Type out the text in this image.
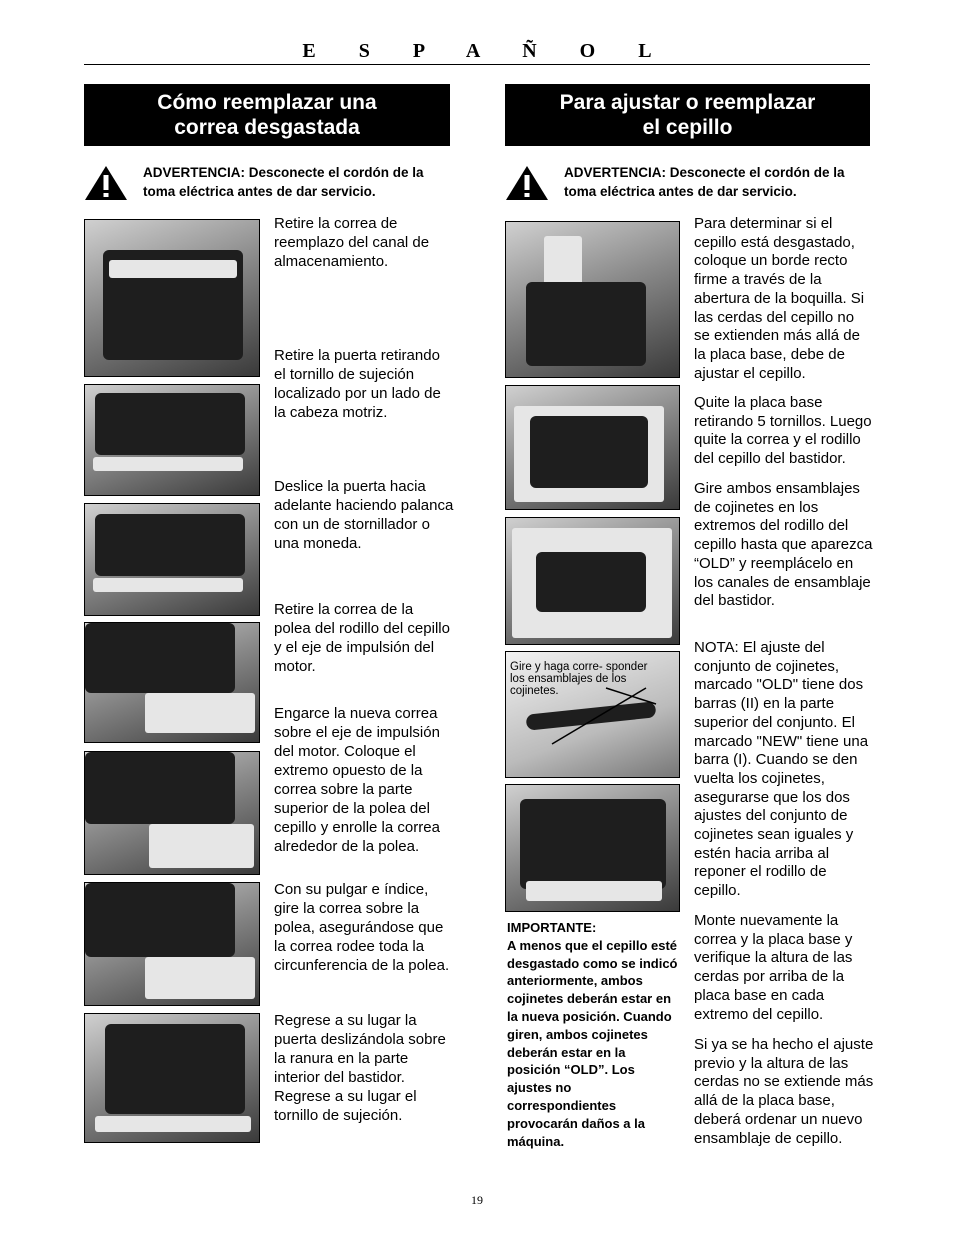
E S P A Ñ O L
Cómo reemplazar una
correa desgastada
Para ajustar o reemplazar
el cepillo
ADVERTENCIA: Desconecte el cordón de la toma eléctrica antes de dar servicio.
ADVERTENCIA: Desconecte el cordón de la toma eléctrica antes de dar servicio.
Retire la correa de reemplazo del canal de almacenamiento.
Retire la puerta retirando el tornillo de sujeción localizado por un lado de la cabeza motriz.
Deslice la puerta hacia adelante haciendo palanca con un de stornillador o una moneda.
Retire la correa de la polea del rodillo del cepillo y el eje de impulsión del motor.
Engarce la nueva correa sobre el eje de impulsión del motor. Coloque el extremo opuesto de la correa sobre la parte superior de la polea del cepillo y enrolle la correa alrededor de la polea.
Con su pulgar e índice, gire la correa sobre la polea, asegurándose que la correa rodee toda la circunferencia de la polea.
Regrese a su lugar la puerta deslizándola sobre la ranura en la parte interior del bastidor. Regrese a su lugar el tornillo de sujeción.
Gire y haga corre- sponder los ensamblajes de los cojinetes.
IMPORTANTE:
A menos que el cepillo esté desgastado como se indicó anteriormente, ambos cojinetes deberán estar en la nueva posición. Cuando giren, ambos cojinetes deberán estar en la posición “OLD”. Los ajustes no correspondientes provocarán daños a la máquina.
Para determinar si el cepillo está desgastado, coloque un borde recto firme a través de la abertura de la boquilla. Si las cerdas del cepillo no se extienden más allá de la placa base, debe de ajustar el cepillo.
Quite la placa base retirando 5 tornillos. Luego quite la correa y el rodillo del cepillo del bastidor.
Gire ambos ensamblajes de cojinetes en los extremos del rodillo del cepillo hasta que aparezca “OLD” y reemplácelo en los canales de ensamblaje del bastidor.
NOTA: El ajuste del conjunto de cojinetes, marcado "OLD" tiene dos barras (II) en la parte superior del conjunto. El marcado "NEW" tiene una barra (I). Cuando se den vuelta los cojinetes, asegurarse que los dos ajustes del conjunto de cojinetes sean iguales y estén hacia arriba al reponer el rodillo de cepillo.
Monte nuevamente la correa y la placa base y verifique la altura de las cerdas por arriba de la placa base en cada extremo del cepillo.
Si ya se ha hecho el ajuste previo y la altura de las cerdas no se extiende más allá de la placa base, deberá ordenar un nuevo ensamblaje de cepillo.
19
